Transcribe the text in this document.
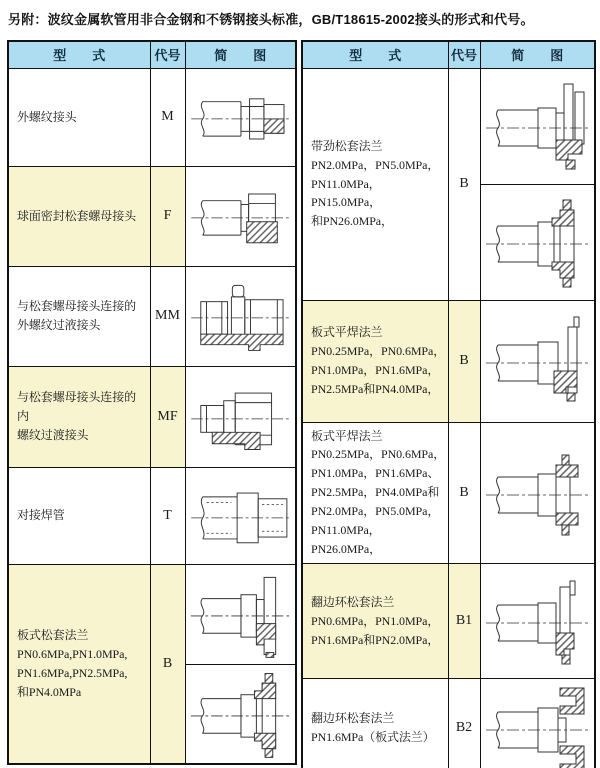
另附：波纹金属软管用非合金钢和不锈钢接头标准，GB/T18615-2002接头的形式和代号。
型　　式	代号	简　　图
外螺纹接头	M	

球面密封松套螺母接头	F	

与松套螺母接头连接的
外螺纹过液接头	MM	

与松套螺母接头连接的内
螺纹过渡接头	MF	

对接焊管	T	

板式松套法兰
PN0.6MPa,PN1.0MPa,
PN1.6MPa,PN2.5MPa,
和PN4.0MPa	B	

型　　式	代号	简　　图
带劲松套法兰
PN2.0MPa，PN5.0MPa，
PN11.0MPa，PN15.0MPa，
和PN26.0MPa，	B	

板式平焊法兰
PN0.25MPa，PN0.6MPa，
PN1.0MPa，PN1.6MPa，
PN2.5MPa和PN4.0MPa，	B	

板式平焊法兰
PN0.25MPa，PN0.6MPa，
PN1.0MPa，PN1.6MPa、
PN2.5MPa，PN4.0MPa和
PN2.0MPa，PN5.0MPa，
PN11.0MPa，PN26.0MPa，	B	

翻边环松套法兰
PN0.6MPa，PN1.0MPa，
PN1.6MPa和PN2.0MPa，	B1	

翻边环松套法兰
PN1.6MPa（板式法兰）	B2	
